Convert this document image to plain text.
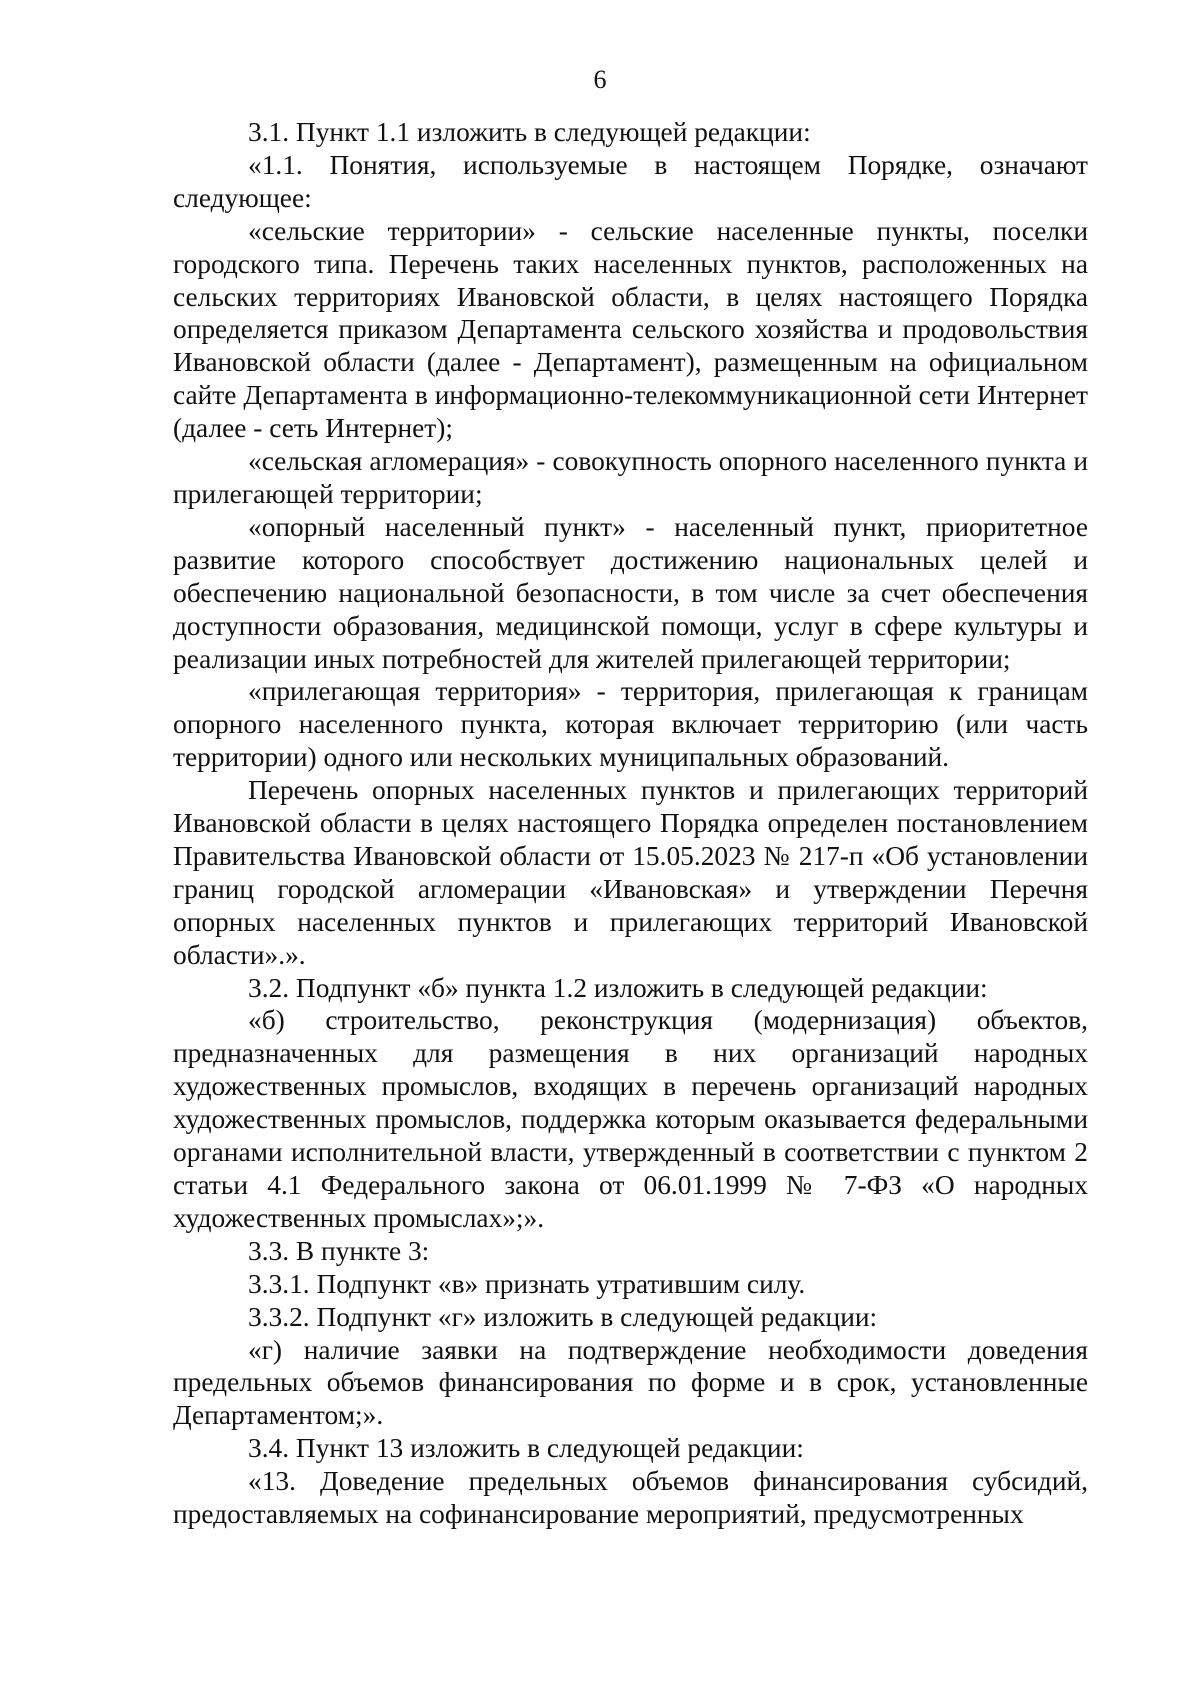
6

3.1. Пункт 1.1 изложить в следующей редакции:

«1.1. Понятия, используемые в настоящем Порядке, означают следующее:

«сельские территории» - сельские населенные пункты, поселки городского типа. Перечень таких населенных пунктов, расположенных на сельских территориях Ивановской области, в целях настоящего Порядка определяется приказом Департамента сельского хозяйства и продовольствия Ивановской области (далее - Департамент), размещенным на официальном сайте Департамента в информационно-телекоммуникационной сети Интернет (далее - сеть Интернет);

«сельская агломерация» - совокупность опорного населенного пункта и прилегающей территории;

«опорный населенный пункт» - населенный пункт, приоритетное развитие которого способствует достижению национальных целей и обеспечению национальной безопасности, в том числе за счет обеспечения доступности образования, медицинской помощи, услуг в сфере культуры и реализации иных потребностей для жителей прилегающей территории;

«прилегающая территория» - территория, прилегающая к границам опорного населенного пункта, которая включает территорию (или часть территории) одного или нескольких муниципальных образований.

Перечень опорных населенных пунктов и прилегающих территорий Ивановской области в целях настоящего Порядка определен постановлением Правительства Ивановской области от 15.05.2023 № 217-п «Об установлении границ городской агломерации «Ивановская» и утверждении Перечня опорных населенных пунктов и прилегающих территорий Ивановской области».».

3.2. Подпункт «б» пункта 1.2 изложить в следующей редакции:

«б) строительство, реконструкция (модернизация) объектов, предназначенных для размещения в них организаций народных художественных промыслов, входящих в перечень организаций народных художественных промыслов, поддержка которым оказывается федеральными органами исполнительной власти, утвержденный в соответствии с пунктом 2 статьи 4.1 Федерального закона от 06.01.1999 № 7-ФЗ «О народных художественных промыслах»;».

3.3. В пункте 3:

3.3.1. Подпункт «в» признать утратившим силу.

3.3.2. Подпункт «г» изложить в следующей редакции:

«г) наличие заявки на подтверждение необходимости доведения предельных объемов финансирования по форме и в срок, установленные Департаментом;».

3.4. Пункт 13 изложить в следующей редакции:

«13. Доведение предельных объемов финансирования субсидий, предоставляемых на софинансирование мероприятий, предусмотренных
